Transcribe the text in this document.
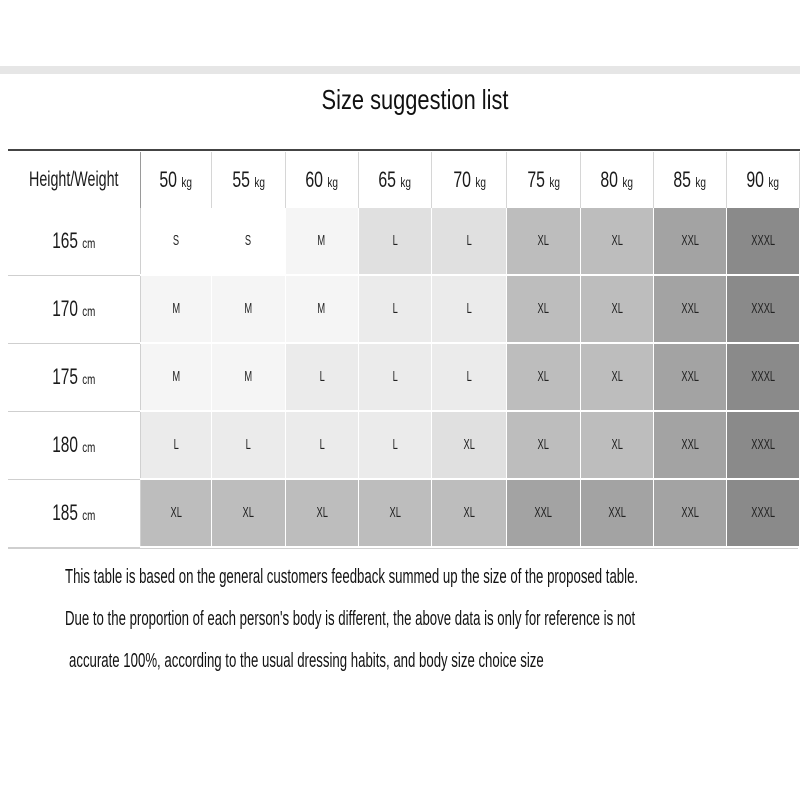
Size suggestion list
Height/Weight	50 kg	55 kg	60 kg	65 kg	70 kg	75 kg	80 kg	85 kg	90 kg
165 cm	S	S	M	L	L	XL	XL	XXL	XXXL
170 cm	M	M	M	L	L	XL	XL	XXL	XXXL
175 cm	M	M	L	L	L	XL	XL	XXL	XXXL
180 cm	L	L	L	L	XL	XL	XL	XXL	XXXL
185 cm	XL	XL	XL	XL	XL	XXL	XXL	XXL	XXXL
This table is based on the general customers feedback summed up the size of the proposed table.
Due to the proportion of each person's body is different, the above data is only for reference is not
accurate 100%, according to the usual dressing habits, and body size choice size
